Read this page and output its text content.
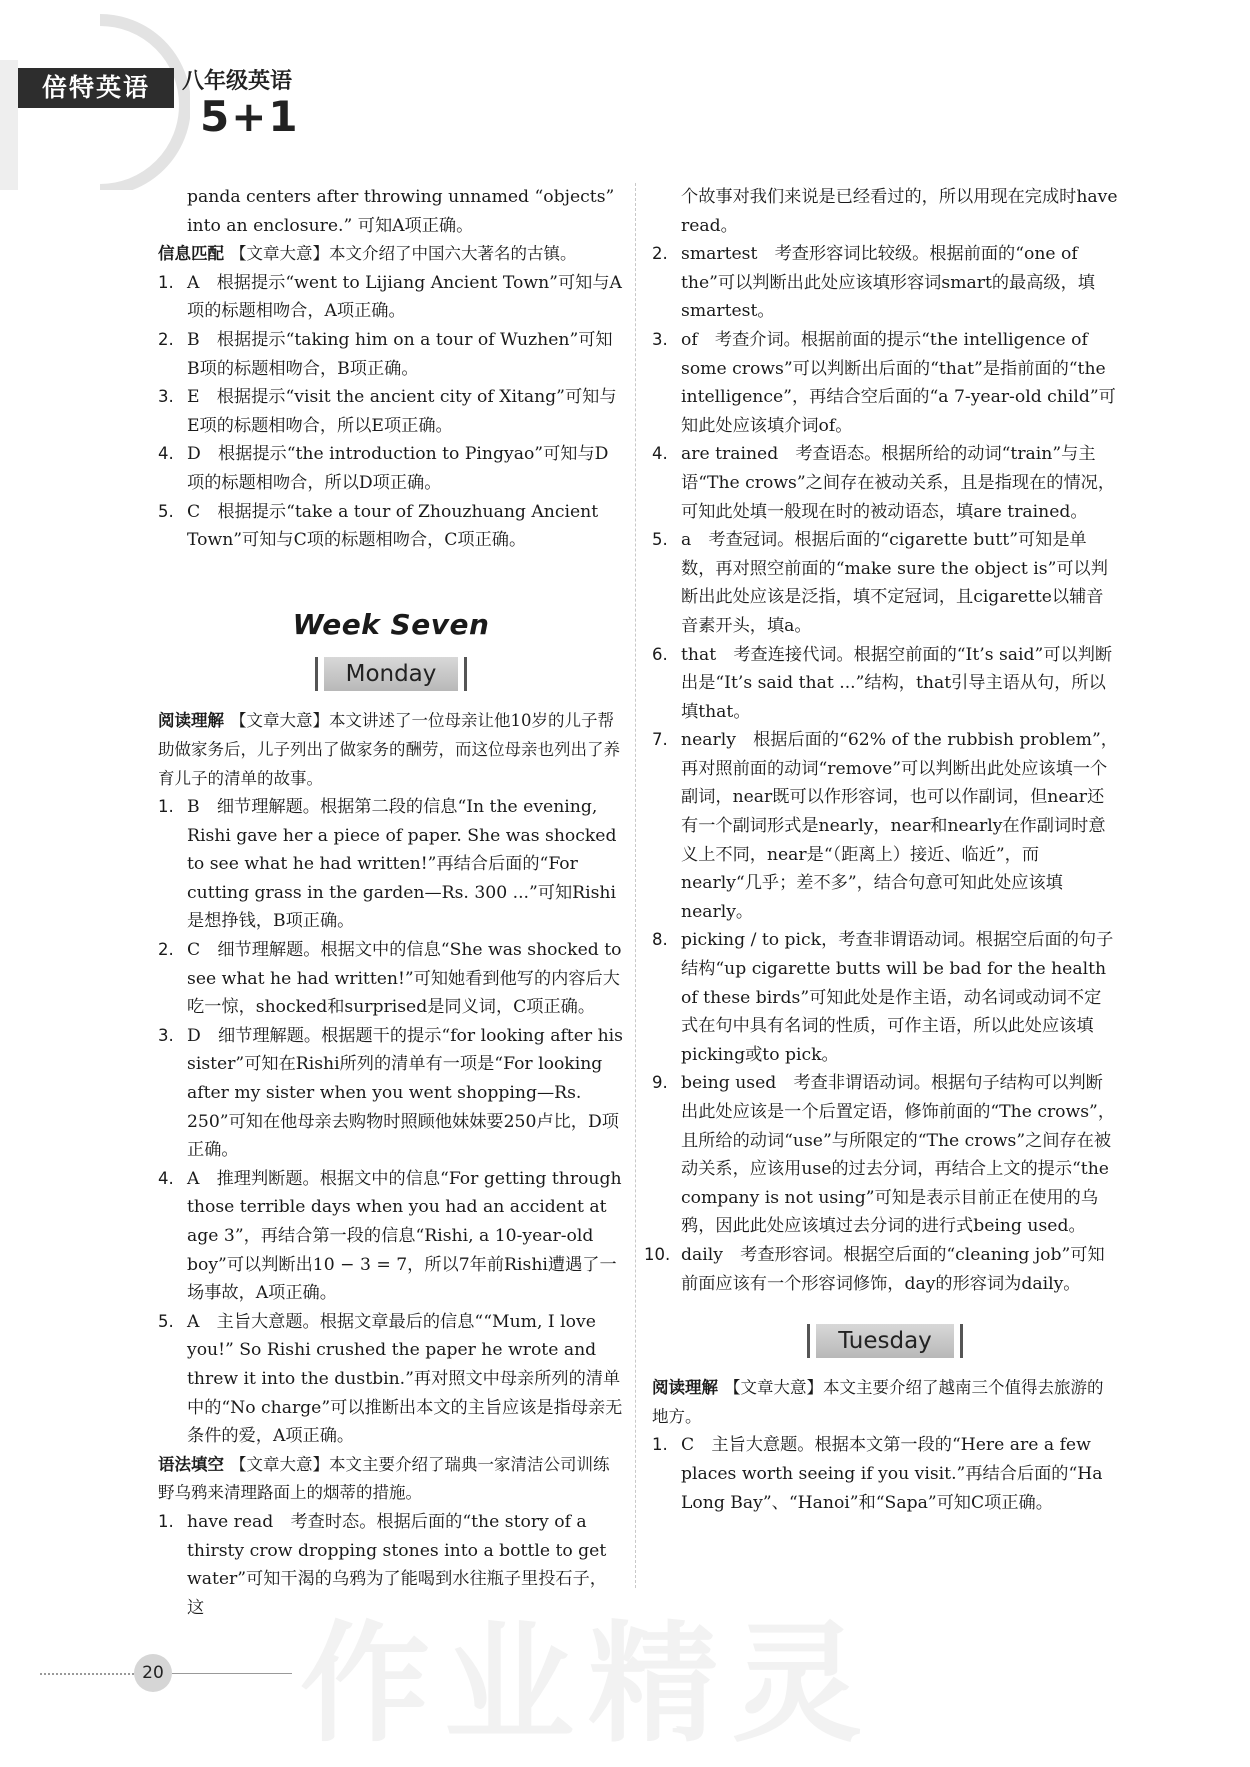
倍特英语	八年级英语
5+1

panda centers after throwing unnamed “objects” into an enclosure.” 可知A项正确。

信息匹配 【文章大意】本文介绍了中国六大著名的古镇。

1. A　根据提示“went to Lijiang Ancient Town”可知与A项的标题相吻合，A项正确。

2. B　根据提示“taking him on a tour of Wuzhen”可知B项的标题相吻合，B项正确。

3. E　根据提示“visit the ancient city of Xitang”可知与E项的标题相吻合，所以E项正确。

4. D　根据提示“the introduction to Pingyao”可知与D项的标题相吻合，所以D项正确。

5. C　根据提示“take a tour of Zhouzhuang Ancient Town”可知与C项的标题相吻合，C项正确。

Week Seven
Monday

阅读理解 【文章大意】本文讲述了一位母亲让他10岁的儿子帮助做家务后，儿子列出了做家务的酬劳，而这位母亲也列出了养育儿子的清单的故事。

1. B　细节理解题。根据第二段的信息“In the evening, Rishi gave her a piece of paper. She was shocked to see what he had written!”再结合后面的“For cutting grass in the garden—Rs. 300 ...”可知Rishi是想挣钱，B项正确。

2. C　细节理解题。根据文中的信息“She was shocked to see what he had written!”可知她看到他写的内容后大吃一惊，shocked和surprised是同义词，C项正确。

3. D　细节理解题。根据题干的提示“for looking after his sister”可知在Rishi所列的清单有一项是“For looking after my sister when you went shopping—Rs. 250”可知在他母亲去购物时照顾他妹妹要250卢比，D项正确。

4. A　推理判断题。根据文中的信息“For getting through those terrible days when you had an accident at age 3”，再结合第一段的信息“Rishi, a 10-year-old boy”可以判断出10 − 3 = 7，所以7年前Rishi遭遇了一场事故，A项正确。

5. A　主旨大意题。根据文章最后的信息““Mum, I love you!” So Rishi crushed the paper he wrote and threw it into the dustbin.”再对照文中母亲所列的清单中的“No charge”可以推断出本文的主旨应该是指母亲无条件的爱，A项正确。

语法填空 【文章大意】本文主要介绍了瑞典一家清洁公司训练野乌鸦来清理路面上的烟蒂的措施。

1. have read　考查时态。根据后面的“the story of a thirsty crow dropping stones into a bottle to get water”可知干渴的乌鸦为了能喝到水往瓶子里投石子，这

个故事对我们来说是已经看过的，所以用现在完成时have read。

2. smartest　考查形容词比较级。根据前面的“one of the”可以判断出此处应该填形容词smart的最高级，填smartest。

3. of　考查介词。根据前面的提示“the intelligence of some crows”可以判断出后面的“that”是指前面的“the intelligence”，再结合空后面的“a 7-year-old child”可知此处应该填介词of。

4. are trained　考查语态。根据所给的动词“train”与主语“The crows”之间存在被动关系，且是指现在的情况，可知此处填一般现在时的被动语态，填are trained。

5. a　考查冠词。根据后面的“cigarette butt”可知是单数，再对照空前面的“make sure the object is”可以判断出此处应该是泛指，填不定冠词，且cigarette以辅音音素开头，填a。

6. that　考查连接代词。根据空前面的“It’s said”可以判断出是“It’s said that ...”结构，that引导主语从句，所以填that。

7. nearly　根据后面的“62% of the rubbish problem”，再对照前面的动词“remove”可以判断出此处应该填一个副词，near既可以作形容词，也可以作副词，但near还有一个副词形式是nearly，near和nearly在作副词时意义上不同，near是“（距离上）接近、临近”，而nearly“几乎；差不多”，结合句意可知此处应该填nearly。

8. picking / to pick，考查非谓语动词。根据空后面的句子结构“up cigarette butts will be bad for the health of these birds”可知此处是作主语，动名词或动词不定式在句中具有名词的性质，可作主语，所以此处应该填picking或to pick。

9. being used　考查非谓语动词。根据句子结构可以判断出此处应该是一个后置定语，修饰前面的“The crows”，且所给的动词“use”与所限定的“The crows”之间存在被动关系，应该用use的过去分词，再结合上文的提示“the company is not using”可知是表示目前正在使用的乌鸦，因此此处应该填过去分词的进行式being used。

10. daily　考查形容词。根据空后面的“cleaning job”可知前面应该有一个形容词修饰，day的形容词为daily。

Tuesday

阅读理解 【文章大意】本文主要介绍了越南三个值得去旅游的地方。

1. C　主旨大意题。根据本文第一段的“Here are a few places worth seeing if you visit.”再结合后面的“Ha Long Bay”、“Hanoi”和“Sapa”可知C项正确。

20 作业精灵
